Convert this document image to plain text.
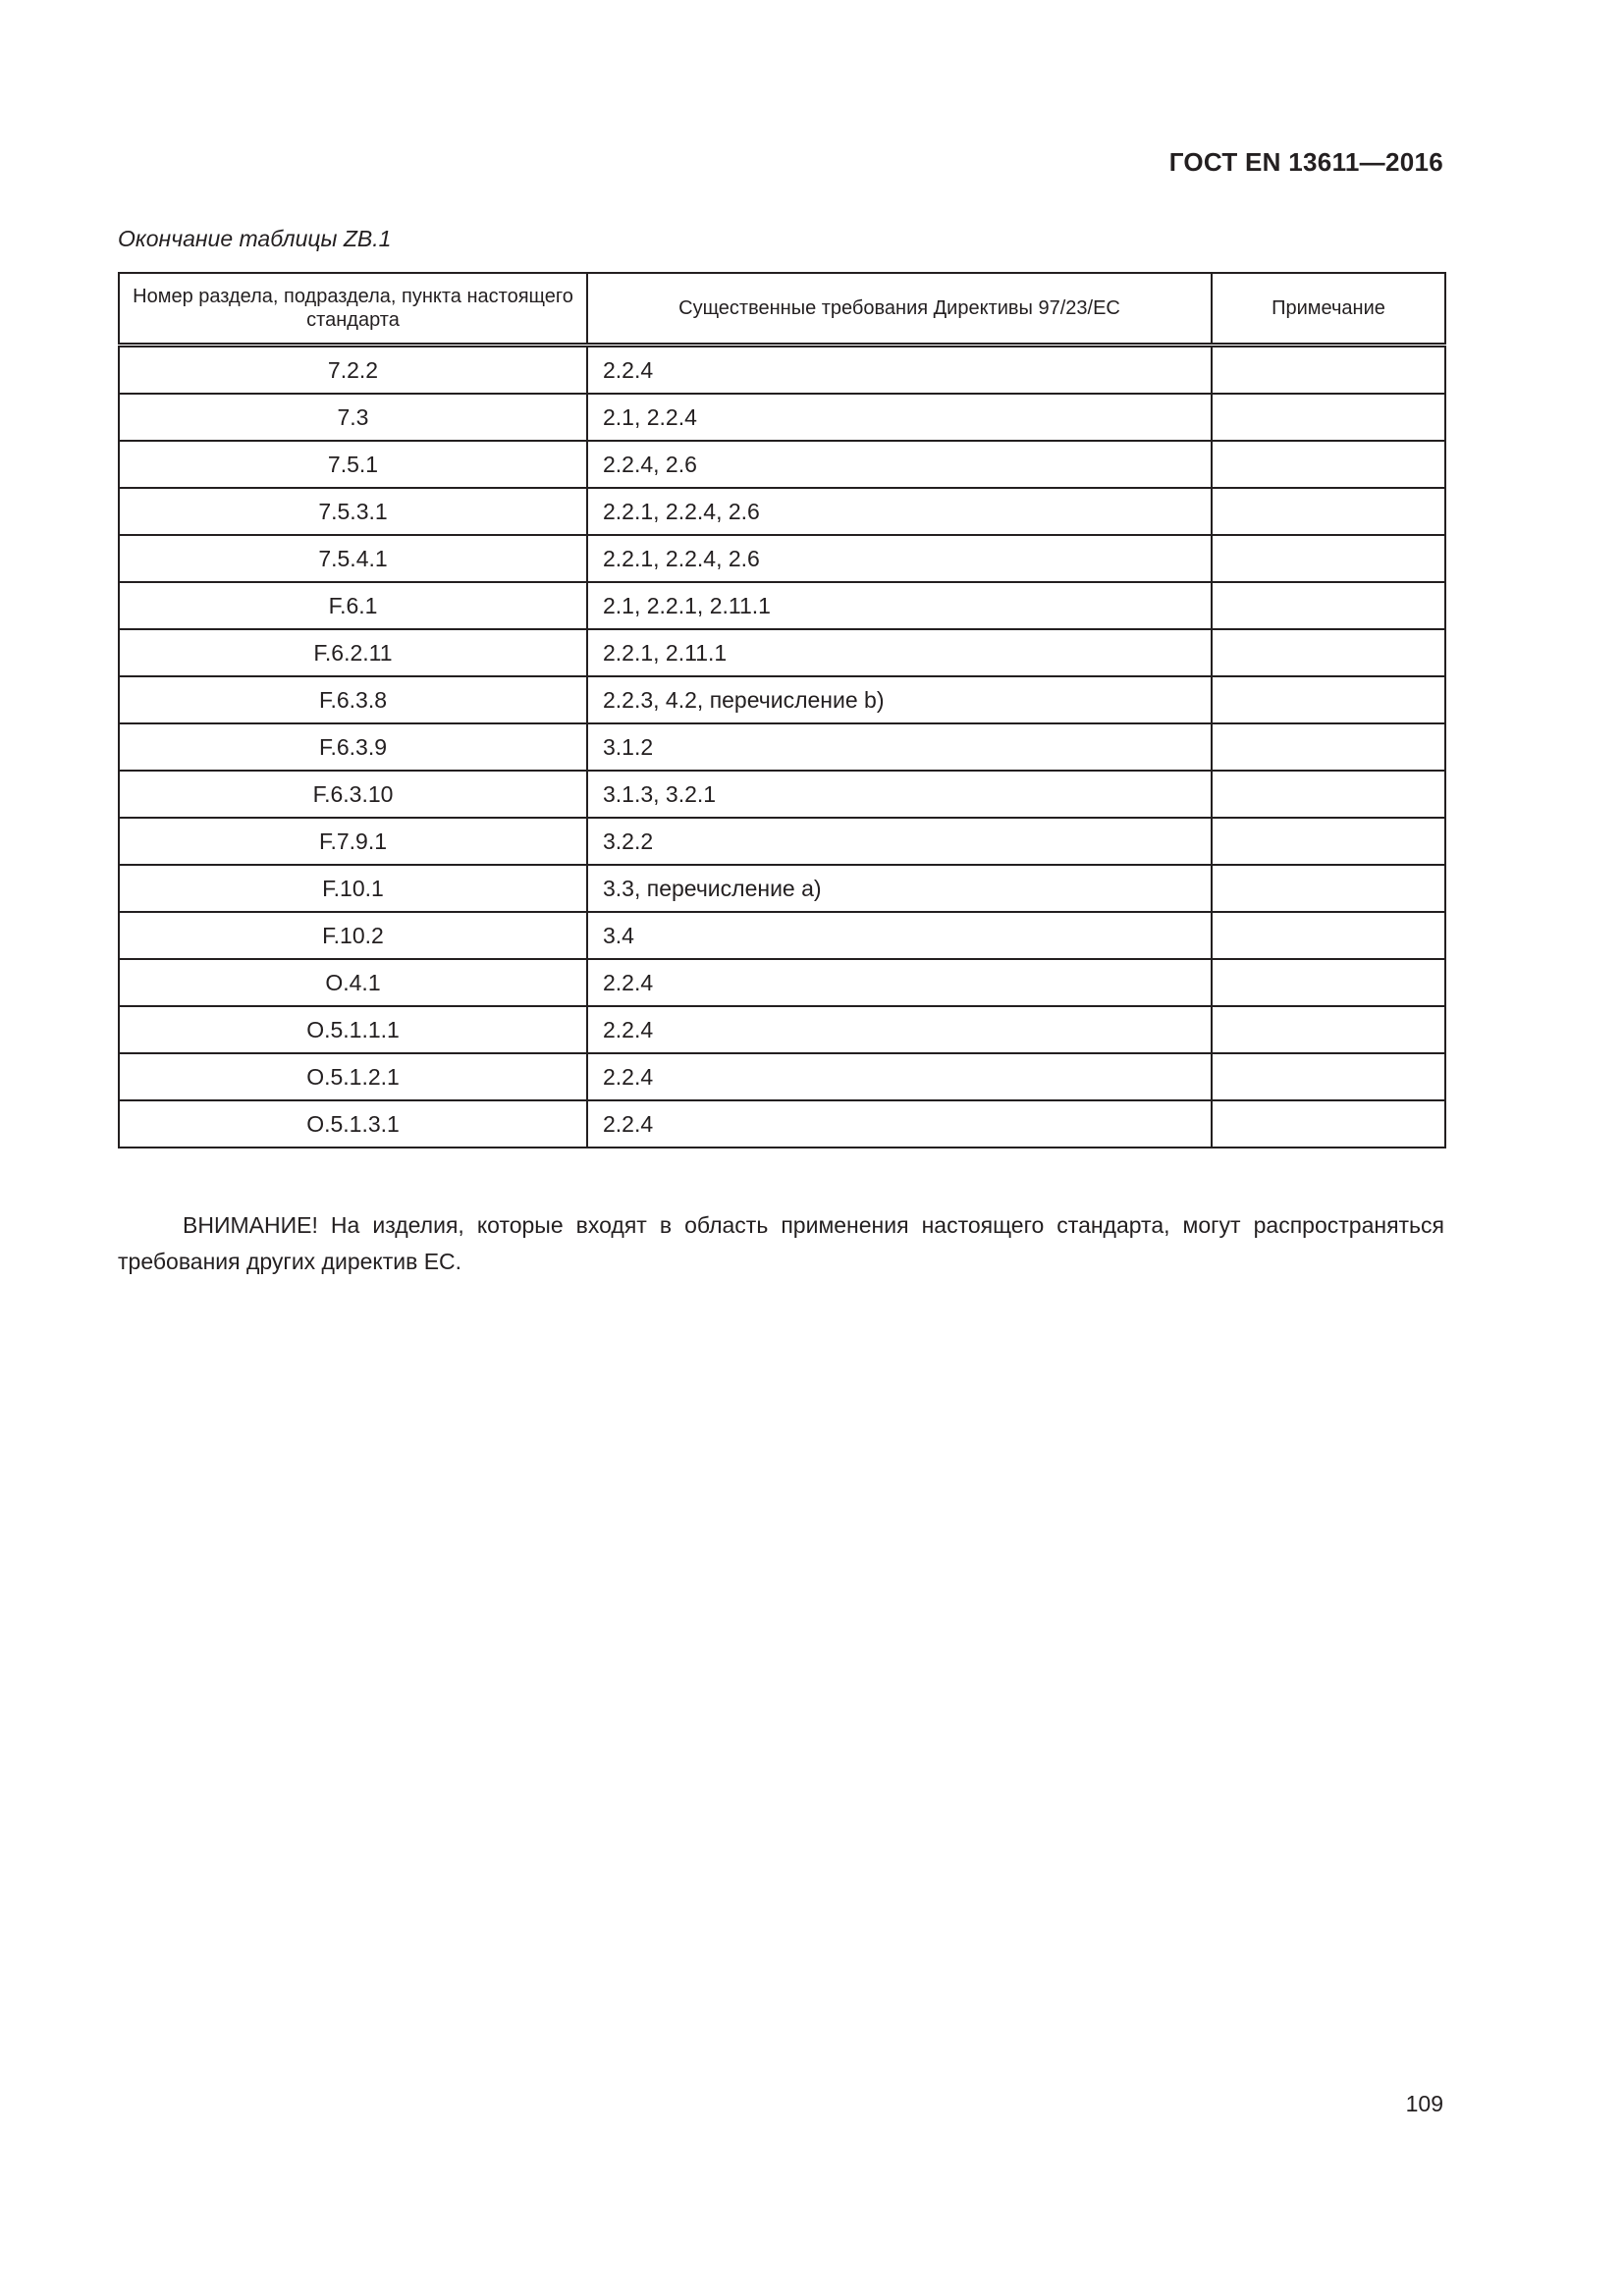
ГОСТ EN 13611—2016
Окончание таблицы ZB.1
Номер раздела, подраздела, пункта настоящего стандарта	Существенные требования Директивы 97/23/EC	Примечание
7.2.2	2.2.4	
7.3	2.1, 2.2.4	
7.5.1	2.2.4, 2.6	
7.5.3.1	2.2.1, 2.2.4, 2.6	
7.5.4.1	2.2.1, 2.2.4, 2.6	
F.6.1	2.1, 2.2.1, 2.11.1	
F.6.2.11	2.2.1, 2.11.1	
F.6.3.8	2.2.3, 4.2, перечисление b)	
F.6.3.9	3.1.2	
F.6.3.10	3.1.3, 3.2.1	
F.7.9.1	3.2.2	
F.10.1	3.3, перечисление a)	
F.10.2	3.4	
O.4.1	2.2.4	
O.5.1.1.1	2.2.4	
O.5.1.2.1	2.2.4	
O.5.1.3.1	2.2.4	
ВНИМАНИЕ! На изделия, которые входят в область применения настоящего стандарта, могут распространяться требования других директив ЕС.
109
